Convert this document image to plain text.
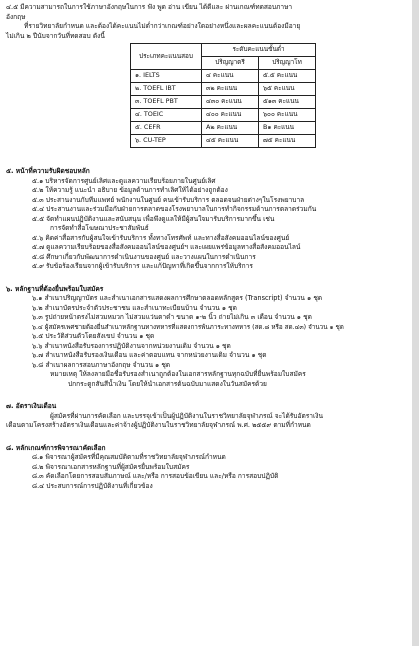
๔.๕ มีความสามารถในการใช้ภาษาอังกฤษในการ ฟัง พูด อ่าน เขียน ได้ดีและ ผ่านเกณฑ์ทดสอบภาษา

อังกฤษ

ที่รายวิทยาลัยกำหนด และต้องได้คะแนนไม่ต่ำกว่าเกณฑ์อย่างใดอย่างหนึ่งและผลคะแนนต้องมีอายุ

ไม่เกิน ๒ ปีนับจากวันที่ทดสอบ ดังนี้

ประเภทคะแนนสอบ	ระดับคะแนนขั้นต่ำ	
	ปริญญาตรี	ปริญญาโท
๑. IELTS	๔ คะแนน	๕.๕ คะแนน
๒. TOEFL IBT	๓๒ คะแนน	๖๕ คะแนน
๓. TOEFL PBT	๔๓๐ คะแนน	๕๑๓ คะแนน
๔. TOEIC	๔๐๐ คะแนน	๖๐๐ คะแนน
๕. CEFR	A๒ คะแนน	B๑ คะแนน
๖. CU-TEP	๔๕ คะแนน	๗๕ คะแนน

๕. หน้าที่ความรับผิดชอบหลัก

๕.๑ บริหารจัดการศูนย์เลิศและดูแลความเรียบร้อยภายในศูนย์เลิศ

๕.๒ ให้ความรู้ แนะนำ อธิบาย ข้อมูลด้านการทำเลิศให้ได้อย่างถูกต้อง

๕.๓ ประสานงานกับทีมแพทย์ พนักงานในศูนย์ คนเข้ารับบริการ ตลอดจนฝ่ายต่างๆในโรงพยาบาล

๕.๔ ประสานงานและร่วมมือกับฝ่ายการตลาดของโรงพยาบาลในการทำกิจกรรมด้านการตลาดร่วมกัน

๕.๕ จัดทำแผนปฏิบัติงานและสนับสนุน เพื่อพึงดูแลให้มีผู้สนใจมารับบริการมากขึ้น เช่น

การจัดทำสื่อโฆษณาประชาสัมพันธ์

๕.๖ คิดค่าสื่อสารกับผู้สนใจเข้ารับบริการ ทั้งทางโทรศัพท์ และทางสื่อสังคมออนไลน์ของศูนย์

๕.๗ ดูแลความเรียบร้อยของสื่อสังคมออนไลน์ของศูนย์ฯ และเผยแพร่ข้อมูลทางสื่อสังคมออนไลน์

๕.๘ ศึกษาเกี่ยวกับพัฒนาการดำเนินงานของศูนย์ และวางแผนในการดำเนินการ

๕.๙ รับข้อร้องเรียนจากผู้เข้ารับบริการ และแก้ปัญหาที่เกิดขึ้นจากการให้บริการ

๖. หลักฐานที่ต้องยื่นพร้อมใบสมัคร

๖.๑ สำเนาปริญญาบัตร และสำเนาเอกสารแสดงผลการศึกษาตลอดหลักสูตร (Transcript) จำนวน ๑ ชุด

๖.๒ สำเนาบัตรประจำตัวประชาชน และสำเนาทะเบียนบ้าน จำนวน ๑ ชุด

๖.๓ รูปถ่ายหน้าตรงไม่สวมหมวก ไม่สวมแว่นตาดำ ขนาด ๑-๒ นิ้ว ถ่ายไม่เกิน ๓ เดือน จำนวน ๑ ชุด

๖.๔ ผู้สมัครเพศชายต้องยื่นสำเนาหลักฐานทางทหารที่แสดงการพ้นภาระทางทหาร (สด.๘ หรือ สด.๔๓) จำนวน ๑ ชุด

๖.๕ ประวัติส่วนตัวโดยสังเขป จำนวน ๑ ชุด

๖.๖ สำเนาหนังสือรับรองการปฏิบัติงานจากหน่วยงานเดิม จำนวน ๑ ชุด

๖.๗ สำเนาหนังสือรับรองเงินเดือน และค่าตอบแทน จากหน่วยงานเดิม จำนวน ๑ ชุด

๖.๘ สำเนาผลการสอบภาษาอังกฤษ จำนวน ๑ ชุด

หมายเหตุ ให้ลงลายมือชื่อรับรองสำเนาถูกต้องในเอกสารหลักฐานทุกฉบับที่ยื่นพร้อมใบสมัคร

ปกกระดูกสันสีน้ำเงิน โดยให้นำเอกสารต้นฉบับมาแสดงในวันสมัครด้วย

๗. อัตราเงินเดือน

ผู้สมัครที่ผ่านการคัดเลือก และบรรจุเข้าเป็นผู้ปฏิบัติงานในราชวิทยาลัยจุฬาภรณ์ จะได้รับอัตราเงิน

เดือนตามโครงสร้างอัตราเงินเดือนและค่าจ้างผู้ปฏิบัติงานในราชวิทยาลัยจุฬาภรณ์ พ.ศ. ๒๕๕๙ ตามที่กำหนด

๘. หลักเกณฑ์การพิจารณาคัดเลือก

๘.๑ พิจารณาผู้สมัครที่มีคุณสมบัติตามที่ราชวิทยาลัยจุฬาภรณ์กำหนด

๘.๒ พิจารณาเอกสารหลักฐานที่ผู้สมัครยื่นพร้อมใบสมัคร

๘.๓ คัดเลือกโดยการสอบสัมภาษณ์ และ/หรือ การสอบข้อเขียน และ/หรือ การสอบปฏิบัติ

๘.๔ ประสบการณ์การปฏิบัติงานที่เกี่ยวข้อง
